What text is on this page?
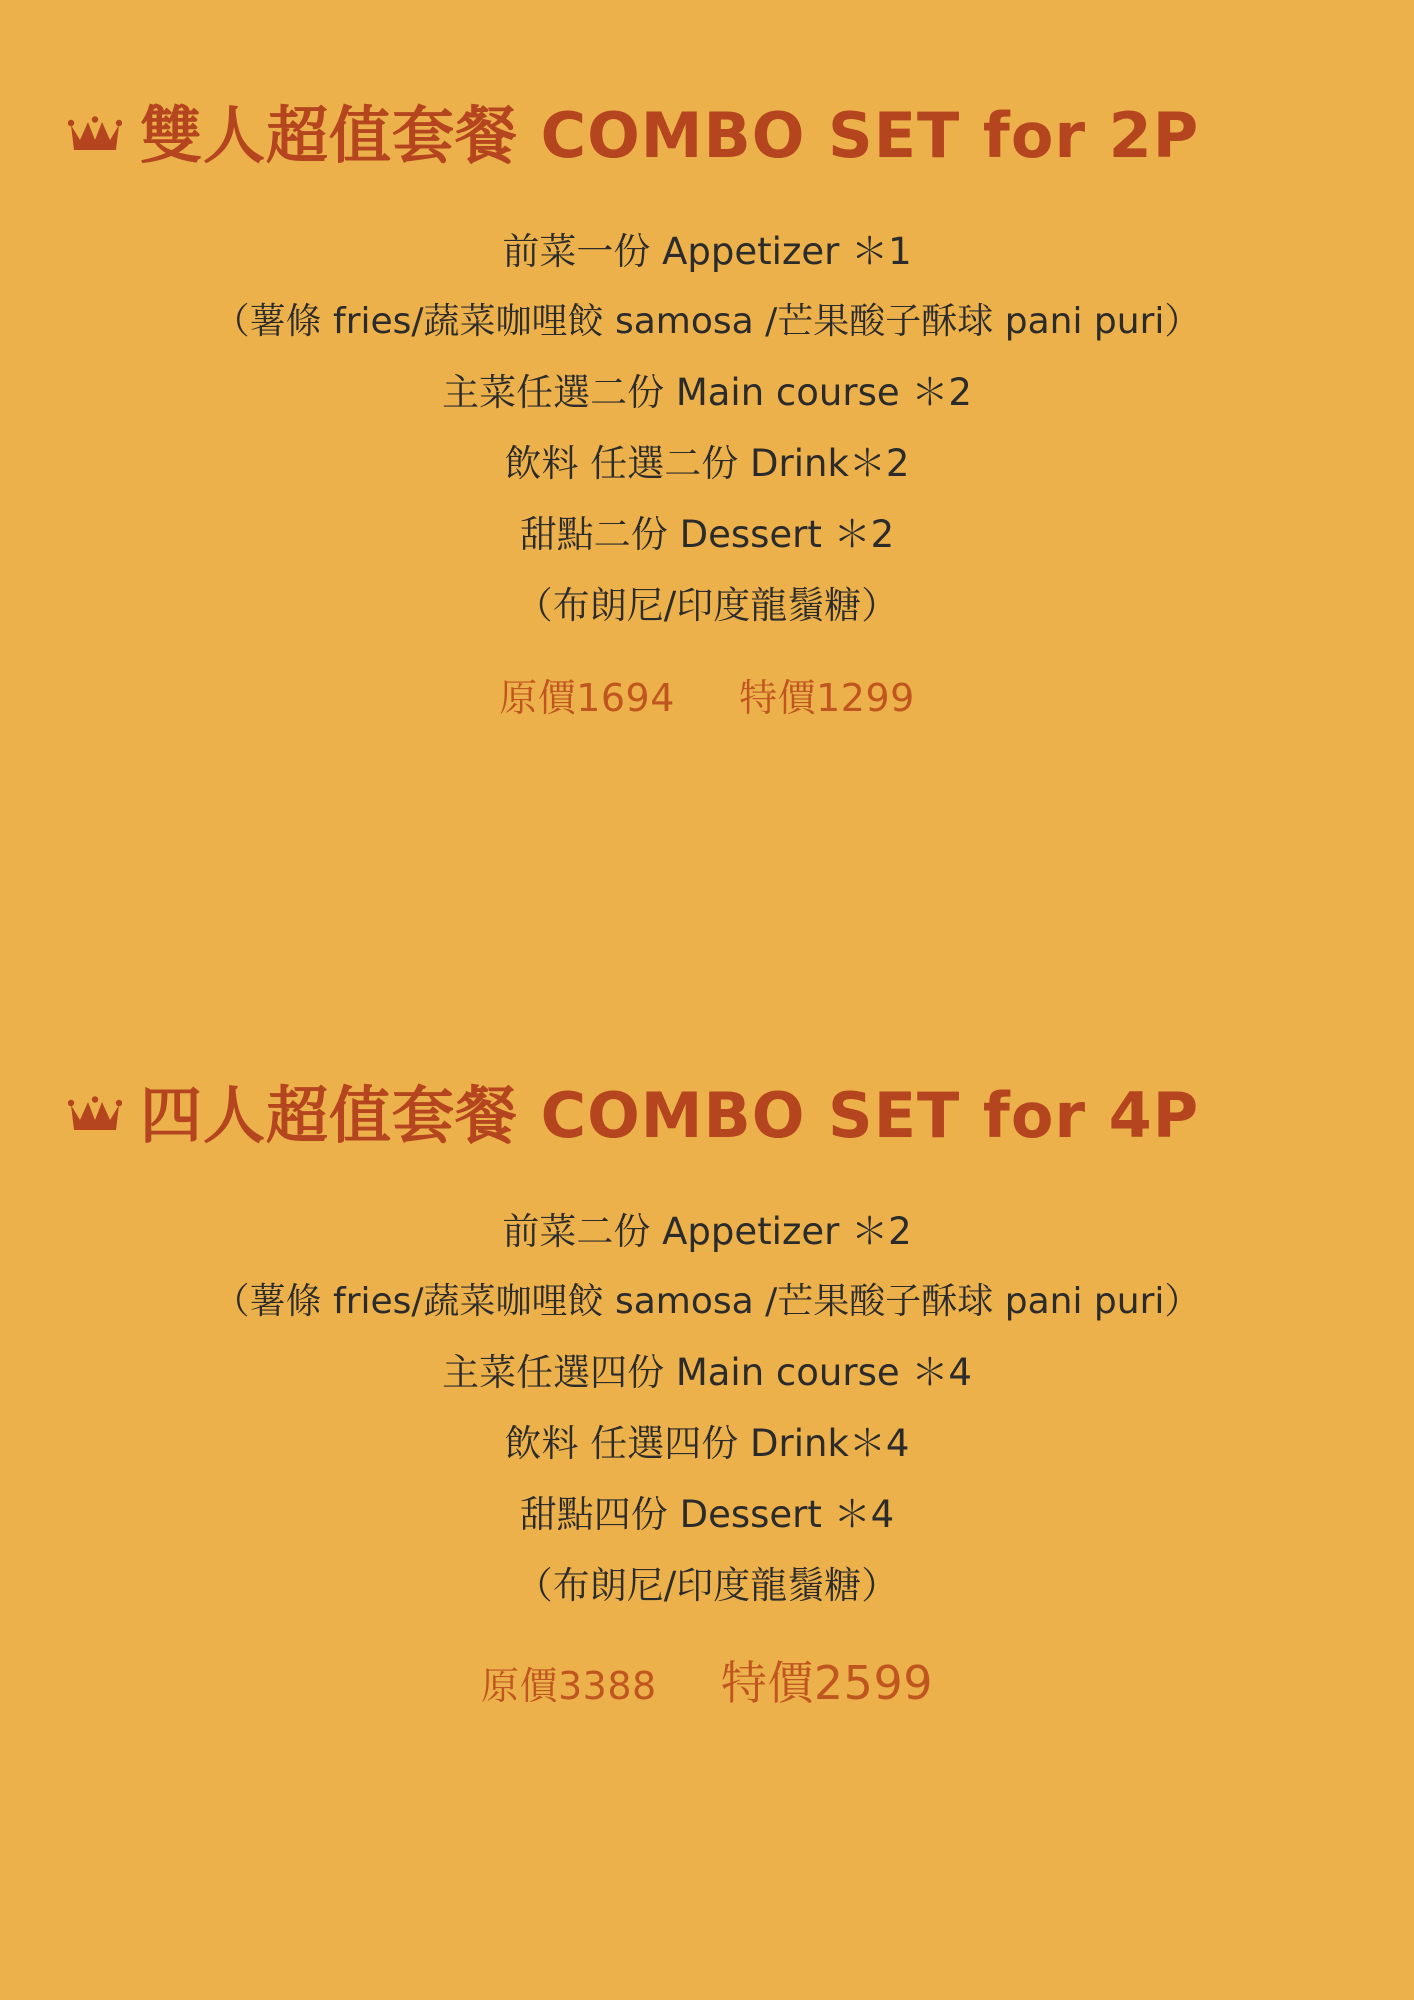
雙人超值套餐 COMBO SET for 2P
前菜一份 Appetizer ＊1
（薯條 fries/蔬菜咖哩餃 samosa /芒果酸子酥球 pani puri）
主菜任選二份 Main course ＊2
飲料 任選二份 Drink＊2
甜點二份 Dessert ＊2
（布朗尼/印度龍鬚糖）
原價1694 特價1299
四人超值套餐 COMBO SET for 4P
前菜二份 Appetizer ＊2
（薯條 fries/蔬菜咖哩餃 samosa /芒果酸子酥球 pani puri）
主菜任選四份 Main course ＊4
飲料 任選四份 Drink＊4
甜點四份 Dessert ＊4
（布朗尼/印度龍鬚糖）
原價3388 特價2599
